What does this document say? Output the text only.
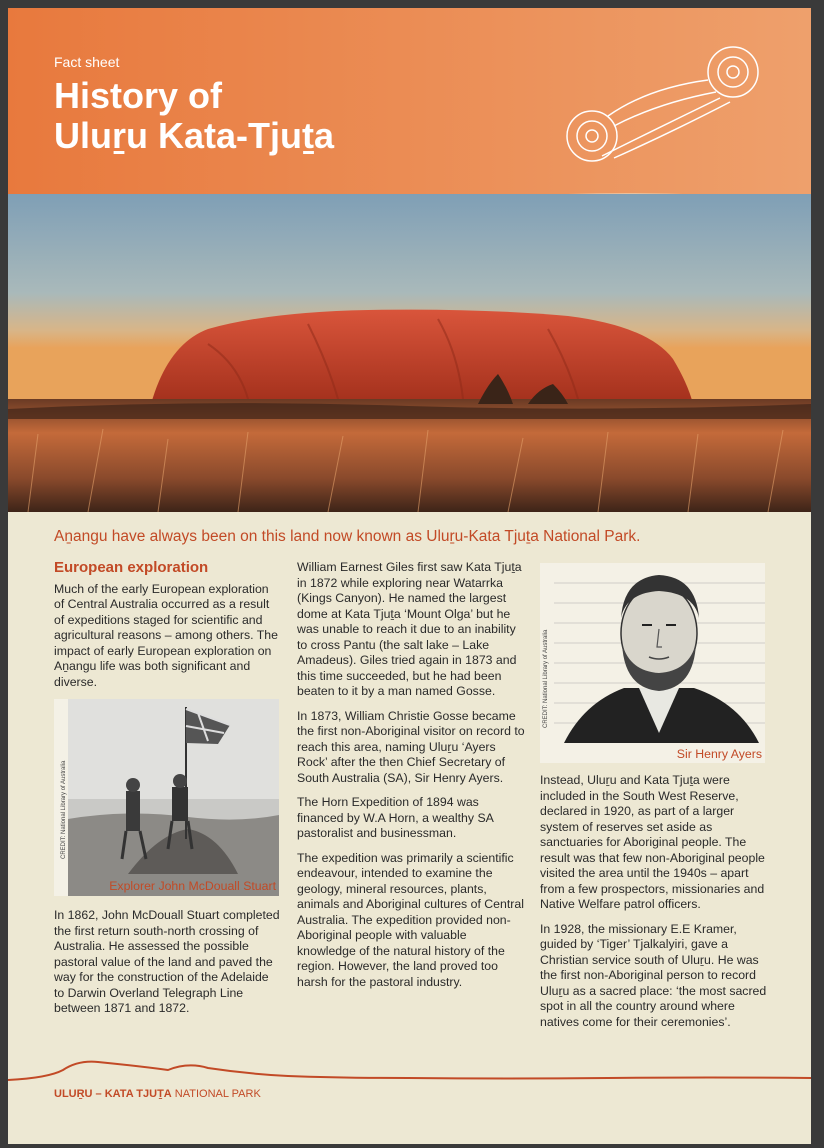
Fact sheet
History of
Uluṟu Kata-Tjuṯa
Aṉangu have always been on this land now known as Uluṟu-Kata Tjuṯa National Park.
European exploration

Much of the early European exploration of Central Australia occurred as a result of expeditions staged for scientific and agricultural reasons – among others. The impact of early European exploration on Aṉangu life was both significant and diverse.

CREDIT: National Library of Australia
Explorer John McDouall Stuart

In 1862, John McDouall Stuart completed the first return south-north crossing of Australia. He assessed the possible pastoral value of the land and paved the way for the construction of the Adelaide to Darwin Overland Telegraph Line between 1871 and 1872.

William Earnest Giles first saw Kata Tjuṯa in 1872 while exploring near Watarrka (Kings Canyon). He named the largest dome at Kata Tjuṯa ‘Mount Olga’ but he was unable to reach it due to an inability to cross Pantu (the salt lake – Lake Amadeus). Giles tried again in 1873 and this time succeeded, but he had been beaten to it by a man named Gosse.

In 1873, William Christie Gosse became the first non-Aboriginal visitor on record to reach this area, naming Uluṟu ‘Ayers Rock’ after the then Chief Secretary of South Australia (SA), Sir Henry Ayers.

The Horn Expedition of 1894 was financed by W.A Horn, a wealthy SA pastoralist and businessman.

The expedition was primarily a scientific endeavour, intended to examine the geology, mineral resources, plants, animals and Aboriginal cultures of Central Australia. The expedition provided non-Aboriginal people with valuable knowledge of the natural history of the region. However, the land proved too harsh for the pastoral industry.

CREDIT: National Library of Australia
Sir Henry Ayers

Instead, Uluṟu and Kata Tjuṯa were included in the South West Reserve, declared in 1920, as part of a larger system of reserves set aside as sanctuaries for Aboriginal people. The result was that few non-Aboriginal people visited the area until the 1940s – apart from a few prospectors, missionaries and Native Welfare patrol officers.

In 1928, the missionary E.E Kramer, guided by ‘Tiger’ Tjalkalyiri, gave a Christian service south of Uluṟu. He was the first non-Aboriginal person to record Uluṟu as a sacred place: ‘the most sacred spot in all the country around where natives come for their ceremonies’.

ULUṞU – KATA TJUṮA NATIONAL PARK
